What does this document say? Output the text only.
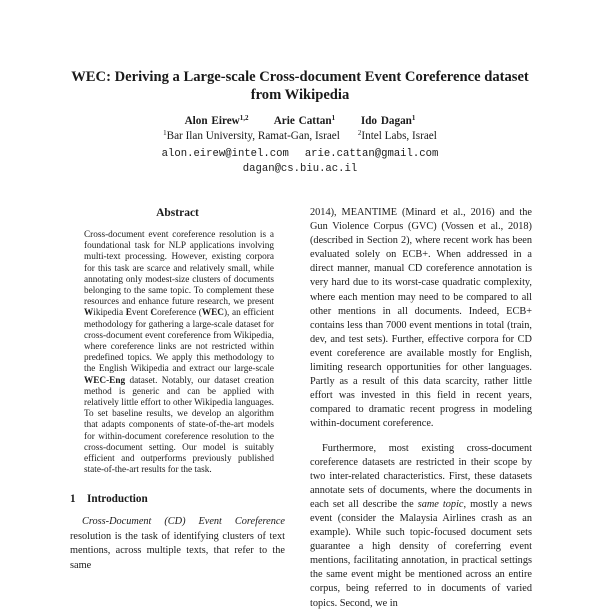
WEC: Deriving a Large-scale Cross-document Event Coreference dataset
from Wikipedia
Alon Eirew$^{1,2}$ Arie Cattan$^1$ Ido Dagan$^1$
$^1$Bar Ilan University, Ramat-Gan, Israel	$^2$Intel Labs, Israel
alon.eirew@intel.com arie.cattan@gmail.com
dagan@cs.biu.ac.il
Abstract

Cross-document event coreference resolution is a foundational task for NLP applications involving multi-text processing. However, existing corpora for this task are scarce and relatively small, while annotating only modest-size clusters of documents belonging to the same topic. To complement these resources and enhance future research, we present Wikipedia Event Coreference (WEC), an efficient methodology for gathering a large-scale dataset for cross-document event coreference from Wikipedia, where coreference links are not restricted within predefined topics. We apply this methodology to the English Wikipedia and extract our large-scale WEC-Eng dataset. Notably, our dataset creation method is generic and can be applied with relatively little effort to other Wikipedia languages. To set baseline results, we develop an algorithm that adapts components of state-of-the-art models for within-document coreference resolution to the cross-document setting. Our model is suitably efficient and outperforms previously published state-of-the-art results for the task.

1 Introduction

Cross-Document (CD) Event Coreference resolution is the task of identifying clusters of text mentions, across multiple texts, that refer to the same

2014), MEANTIME (Minard et al., 2016) and the Gun Violence Corpus (GVC) (Vossen et al., 2018) (described in Section 2), where recent work has been evaluated solely on ECB+. When addressed in a direct manner, manual CD coreference annotation is very hard due to its worst-case quadratic complexity, where each mention may need to be compared to all other mentions in all documents. Indeed, ECB+ contains less than 7000 event mentions in total (train, dev, and test sets). Further, effective corpora for CD event coreference are available mostly for English, limiting research opportunities for other languages. Partly as a result of this data scarcity, rather little effort was invested in this field in recent years, compared to dramatic recent progress in modeling within-document coreference.

Furthermore, most existing cross-document coreference datasets are restricted in their scope by two inter-related characteristics. First, these datasets annotate sets of documents, where the documents in each set all describe the same topic, mostly a news event (consider the Malaysia Airlines crash as an example). While such topic-focused document sets guarantee a high density of coreferring event mentions, facilitating annotation, in practical settings the same event might be mentioned across an entire corpus, being referred to in documents of varied topics. Second, we in
